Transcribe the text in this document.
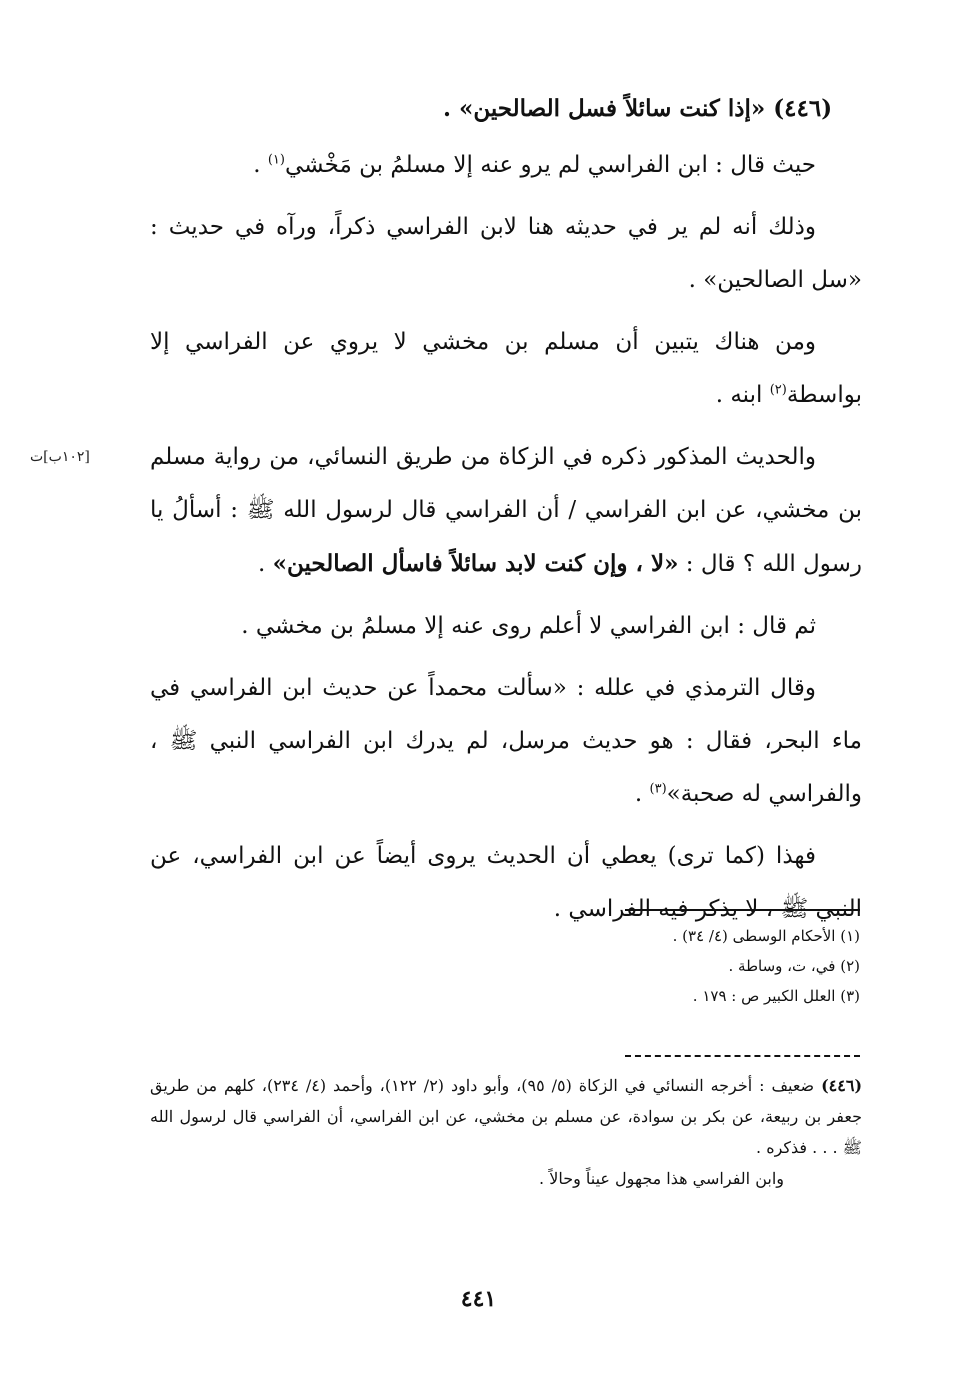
(٤٤٦) «إذا كنت سائلاً فسل الصالحين» .

حيث قال : ابن الفراسي لم يرو عنه إلا مسلمُ بن مَخْشي$^{(١)}$ .

وذلك أنه لم ير في حديثه هنا لابن الفراسي ذكراً، ورآه في حديث : «سل الصالحين» .

ومن هناك يتبين أن مسلم بن مخشي لا يروي عن الفراسي إلا بواسطة$^{(٢)}$ ابنه .

والحديث المذكور ذكره في الزكاة من طريق النسائي، من رواية مسلم بن مخشي، عن ابن الفراسي / أن الفراسي قال لرسول الله ﷺ : أسألُ يا رسول الله ؟ قال : «لا ، وإن كنت لابد سائلاً فاسأل الصالحين» .

ثم قال : ابن الفراسي لا أعلم روى عنه إلا مسلمُ بن مخشي .

وقال الترمذي في علله : «سألت محمداً عن حديث ابن الفراسي في ماء البحر، فقال : هو حديث مرسل، لم يدرك ابن الفراسي النبي ﷺ ، والفراسي له صحبة»$^{(٣)}$ .

فهذا (كما ترى) يعطي أن الحديث يروى أيضاً عن ابن الفراسي، عن النبي ﷺ ، لا يذكر فيه الفراسي .

[١٠٢ب]ت
(١) الأحكام الوسطى (٤/ ٣٤) .
(٢) في، ت، وساطة .
(٣) العلل الكبير ص : ١٧٩ .
(٤٤٦) ضعيف : أخرجه النسائي في الزكاة (٥/ ٩٥)، وأبو داود (٢/ ١٢٢)، وأحمد (٤/ ٢٣٤)، كلهم من طريق جعفر بن ربيعة، عن بكر بن سوادة، عن مسلم بن مخشي، عن ابن الفراسي، أن الفراسي قال لرسول الله ﷺ . . . فذكره .
وابن الفراسي هذا مجهول عيناً وحالاً .
٤٤١
